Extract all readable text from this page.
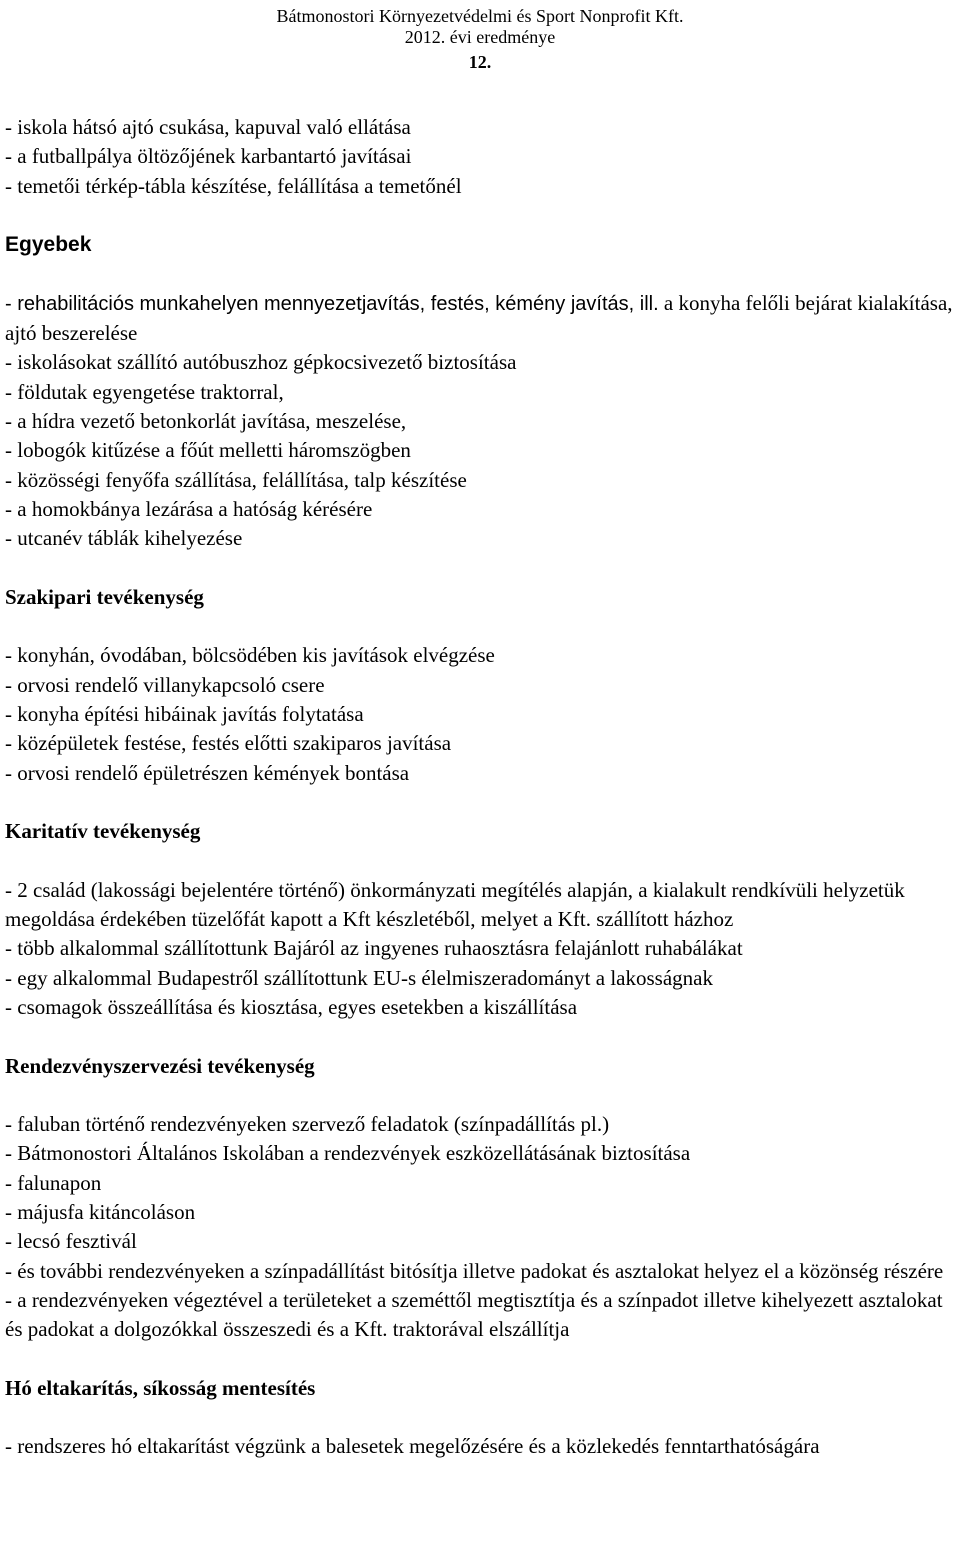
Bátmonostori Környezetvédelmi és Sport Nonprofit Kft.
2012. évi eredménye
12.

- iskola hátsó ajtó csukása, kapuval való ellátása

- a futballpálya öltözőjének karbantartó javításai

- temetői térkép-tábla készítése, felállítása a temetőnél

Egyebek

- rehabilitációs munkahelyen mennyezetjavítás, festés, kémény javítás, ill. a konyha felőli bejárat kialakítása, ajtó beszerelése

- iskolásokat szállító autóbuszhoz gépkocsivezető biztosítása

- földutak egyengetése traktorral,

- a hídra vezető betonkorlát javítása, meszelése,

- lobogók kitűzése a főút melletti háromszögben

- közösségi fenyőfa szállítása, felállítása, talp készítése

- a homokbánya lezárása a hatóság kérésére

- utcanév táblák kihelyezése

Szakipari tevékenység

- konyhán, óvodában, bölcsödében kis javítások elvégzése

- orvosi rendelő villanykapcsoló csere

- konyha építési hibáinak javítás folytatása

- középületek festése, festés előtti szakiparos javítása

- orvosi rendelő épületrészen kémények bontása

Karitatív tevékenység

- 2 család (lakossági bejelentére történő) önkormányzati megítélés alapján, a kialakult rendkívüli helyzetük megoldása érdekében tüzelőfát kapott a Kft készletéből, melyet a Kft. szállított házhoz

- több alkalommal szállítottunk Bajáról az ingyenes ruhaosztásra felajánlott ruhabálákat

- egy alkalommal Budapestről szállítottunk EU-s élelmiszeradományt a lakosságnak

- csomagok összeállítása és kiosztása, egyes esetekben a kiszállítása

Rendezvényszervezési tevékenység

- faluban történő rendezvényeken szervező feladatok (színpadállítás pl.)

- Bátmonostori Általános Iskolában a rendezvények eszközellátásának biztosítása

- falunapon

- májusfa kitáncoláson

- lecsó fesztivál

- és további rendezvényeken a színpadállítást bitósítja illetve padokat és asztalokat helyez el a közönség részére

- a rendezvényeken végeztével a területeket a szeméttől megtisztítja és a színpadot illetve kihelyezett asztalokat és padokat a dolgozókkal összeszedi és a Kft. traktorával elszállítja

Hó eltakarítás, síkosság mentesítés

- rendszeres hó eltakarítást végzünk a balesetek megelőzésére és a közlekedés fenntarthatóságára
